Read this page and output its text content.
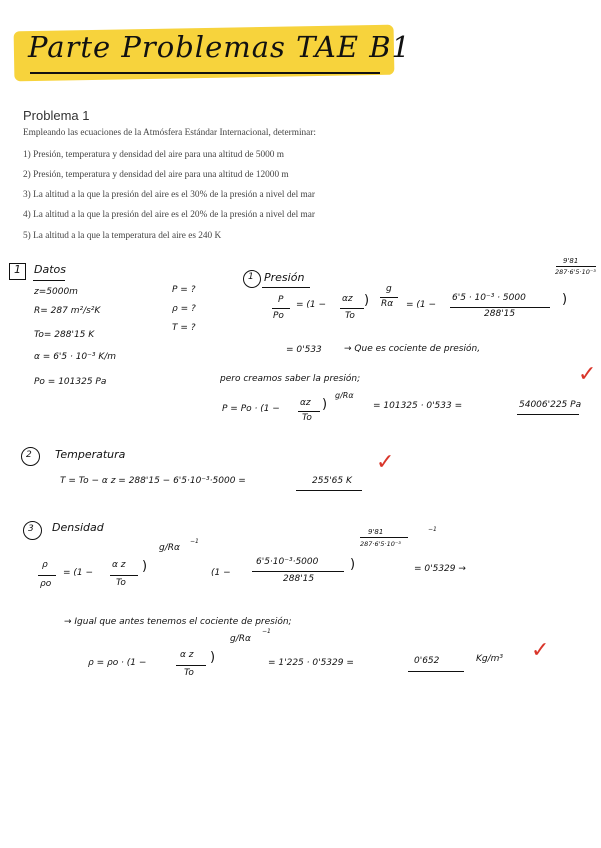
Parte Problemas TAE B1
Problema 1
Empleando las ecuaciones de la Atmósfera Estándar Internacional, determinar:
1) Presión, temperatura y densidad del aire para una altitud de 5000 m
2) Presión, temperatura y densidad del aire para una altitud de 12000 m
3) La altitud a la que la presión del aire es el 30% de la presión a nivel del mar
4) La altitud a la que la presión del aire es el 20% de la presión a nivel del mar
5) La altitud a la que la temperatura del aire es 240 K
1 Datos
z=5000m
R= 287 m²/s²K
To= 288'15 K
α = 6'5 · 10⁻³ K/m
Po = 101325 Pa
P = ?
ρ = ?
T = ?
1 Presión
P
Po
= (1 −
αz
To
)
g
Rα = (1 −
6'5 · 10⁻³ · 5000
288'15
)
9'81
287·6'5·10⁻³
= 0'533 → Que es cociente de presión,
pero creamos saber la presión;	✓
P = Po · (1 −
αz
To
)
g/Rα
= 101325 · 0'533 =	54006'225 Pa
2 Temperatura
T = To − α z = 288'15 − 6'5·10⁻³·5000 =	255'65 K
✓
3 Densidad
ρ
ρo
= (1 −
α z
To
)
g/Rα
−1
(1 −
6'5·10⁻³·5000
288'15
)
9'81
287·6'5·10⁻³
−1
= 0'5329 →
→ Igual que antes tenemos el cociente de presión;
ρ = ρo · (1 −
α z
To
)
g/Rα
−1
= 1'225 · 0'5329 =	0'652	Kg/m³ ✓
